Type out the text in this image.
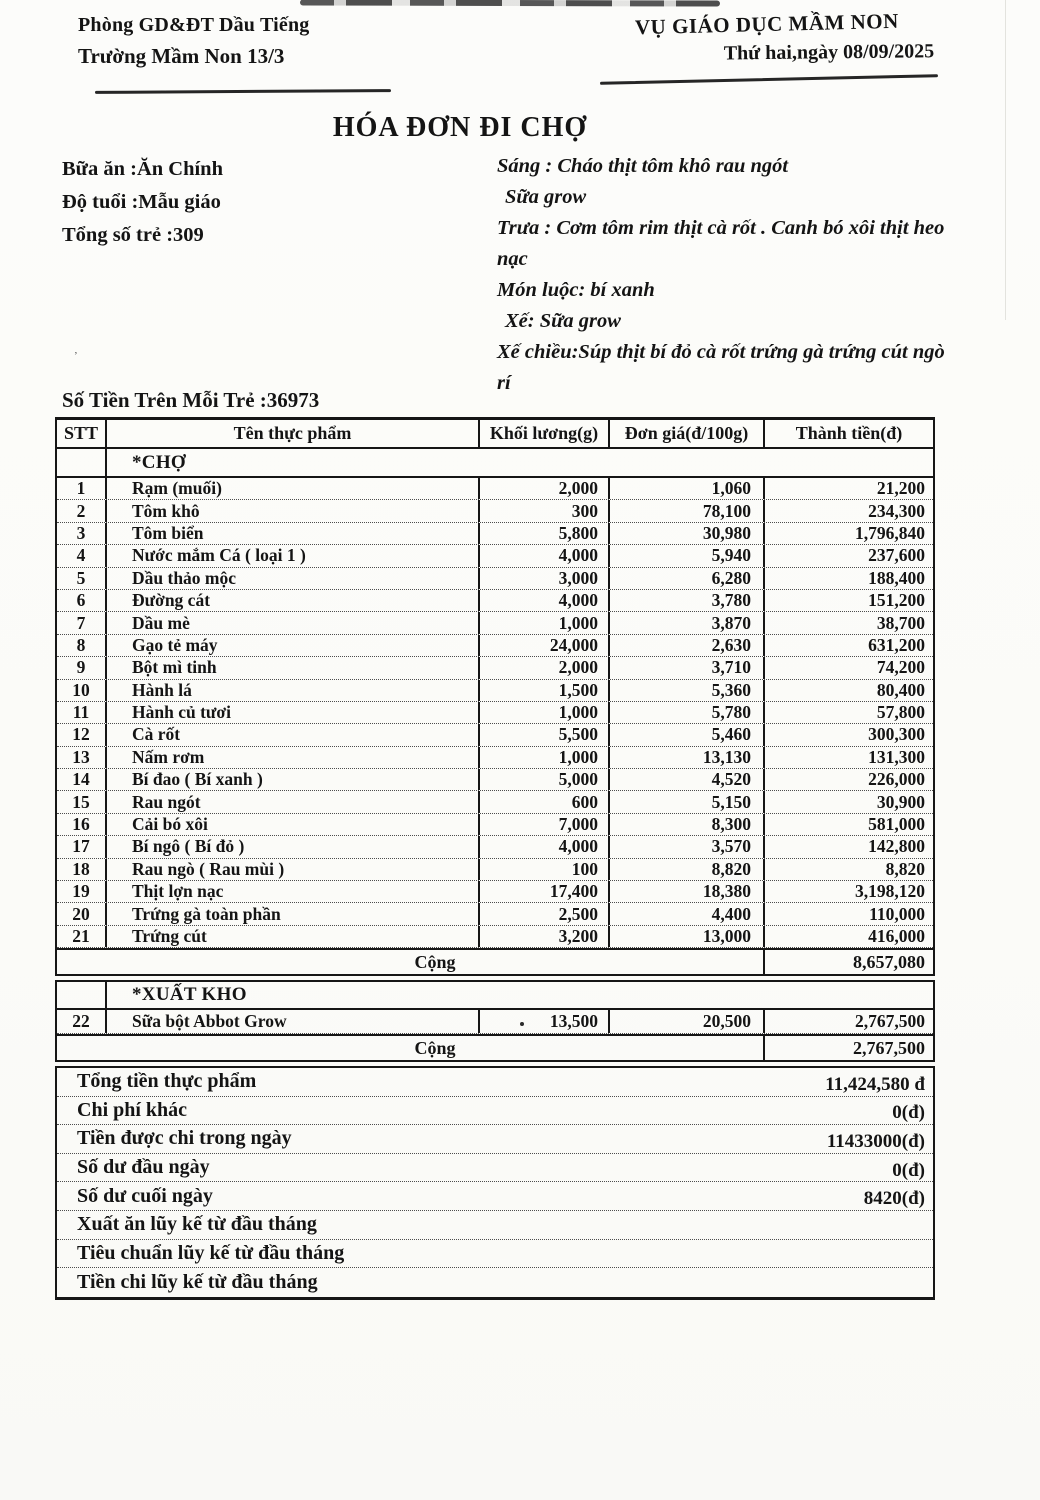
Phòng GD&ĐT Dầu Tiếng
Trường Mầm Non 13/3
VỤ GIÁO DỤC MẦM NON
Thứ hai,ngày 08/09/2025
HÓA ĐƠN ĐI CHỢ
Bữa ăn :Ăn Chính
Độ tuổi :Mẫu giáo
Tổng số trẻ :309
Sáng : Cháo thịt tôm khô rau ngót
Sữa grow
Trưa : Cơm tôm rim thịt cà rốt . Canh bó xôi thịt heo nạc
Món luộc: bí xanh
Xế: Sữa grow
Xế chiều:Súp thịt bí đỏ cà rốt trứng gà trứng cút ngò rí
’
Số Tiền Trên Mỗi Trẻ :36973
STT	Tên thực phẩm	Khối lương(g)	Đơn giá(đ/100g)	Thành tiền(đ)
*CHỢ
1	Rạm (muối)	2,000	1,060	21,200
2	Tôm khô	300	78,100	234,300
3	Tôm biển	5,800	30,980	1,796,840
4	Nước mắm Cá ( loại 1 )	4,000	5,940	237,600
5	Dầu thảo mộc	3,000	6,280	188,400
6	Đường cát	4,000	3,780	151,200
7	Dầu mè	1,000	3,870	38,700
8	Gạo tẻ máy	24,000	2,630	631,200
9	Bột mì tinh	2,000	3,710	74,200
10	Hành lá	1,500	5,360	80,400
11	Hành củ tươi	1,000	5,780	57,800
12	Cà rốt	5,500	5,460	300,300
13	Nấm rơm	1,000	13,130	131,300
14	Bí đao ( Bí xanh )	5,000	4,520	226,000
15	Rau ngót	600	5,150	30,900
16	Cải bó xôi	7,000	8,300	581,000
17	Bí ngô ( Bí đỏ )	4,000	3,570	142,800
18	Rau ngò ( Rau mùi )	100	8,820	8,820
19	Thịt lợn nạc	17,400	18,380	3,198,120
20	Trứng gà toàn phần	2,500	4,400	110,000
21	Trứng cút	3,200	13,000	416,000
Cộng	8,657,080
*XUẤT KHO
22	Sữa bột Abbot Grow	13,500	20,500	2,767,500
Cộng	2,767,500
Tổng tiền thực phẩm	11,424,580 đ
Chi phí khác	0(đ)
Tiền được chi trong ngày	11433000(đ)
Số dư đầu ngày	0(đ)
Số dư cuối ngày	8420(đ)
Xuất ăn lũy kế từ đầu tháng
Tiêu chuẩn lũy kế từ đầu tháng
Tiền chi lũy kế từ đầu tháng
